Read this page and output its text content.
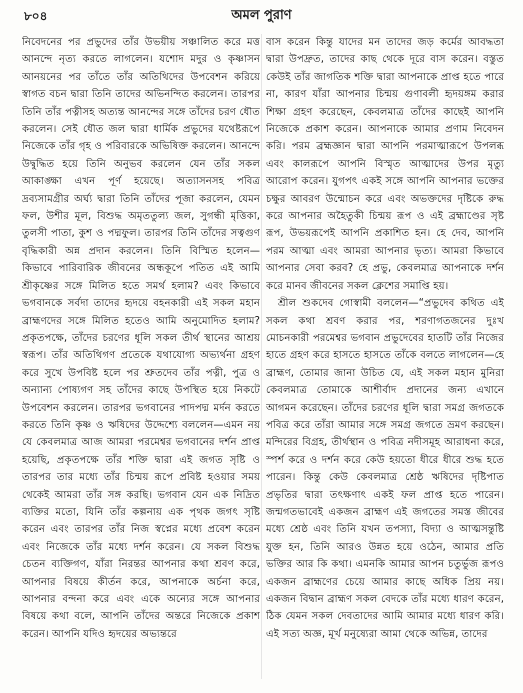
৮০৪	অমল পুরাণ

নিবেদনের পর প্রভুদের তাঁর উভয়ীয় সঞ্চালিত করে মত্ত আনন্দে নৃত্য করতে লাগলেন। যশোদ মদুর ও কৃষ্ণাসন আনয়নের পর তাঁতে তাঁর অতিথিদের উপবেশন করিয়ে স্বাগত বচন দ্বারা তিনি তাদের অভিনন্দিত করলেন। তারপর তিনি তাঁর পত্নীসহ অত্যন্ত আনন্দের সঙ্গে তাঁদের চরণ ধৌত করলেন। সেই ধৌত জল দ্বারা ধার্মিক প্রভুদের যথেষ্টরূপে নিজেকে তাঁর গৃহ ও পরিবারকে অভিষিক্ত করলেন। আনন্দে উদ্বুদ্ধিত হয়ে তিনি অনুভব করলেন যেন তাঁর সকল আকাঙ্ক্ষা এখন পূর্ণ হয়েছে। অত্যাসনসহ পবিত্র দ্রব্যসামগ্রীর অর্ঘ্য দ্বারা তিনি তাঁদের পূজা করলেন, যেমন ফল, উশীর মূল, বিশুদ্ধ অমৃততুল্য জল, সুগন্ধী মৃত্তিকা, তুলসী পাতা, কুশ ও পদ্মফুল। তারপর তিনি তাঁদের সত্বগুণ বৃদ্ধিকারী অন্ন প্রদান করলেন। তিনি বিস্মিত হলেন—কিভাবে পারিবারিক জীবনের অন্ধকূপে পতিত এই আমি শ্রীকৃষ্ণের সঙ্গে মিলিত হতে সমর্থ হলাম? এবং কিভাবে ভগবানকে সর্বদা তাদের হৃদয়ে বহনকারী এই সকল মহান ব্রাহ্মণদের সঙ্গে মিলিত হতেও আমি অনুমোদিত হলাম? প্রকৃতপক্ষে, তাঁদের চরণের ধূলি সকল তীর্থ স্থানের আশ্রয় স্বরূপ। তাঁর অতিথিগণ প্রতেকে যথাযোগ্য অভ্যর্থনা গ্রহণ করে সুখে উপবিষ্ট হলে পর শ্রুতদেব তাঁর পত্নী, পুত্র ও অন্যান্য পোষ্যগণ সহ তাঁদের কাছে উপস্থিত হয়ে নিকটে উপবেশন করলেন। তারপর ভগবানের পাদপদ্ম মর্দন করতে করতে তিনি কৃষ্ণ ও ঋষিদের উদ্দেশ্যে বললেন—এমন নয় যে কেবলমাত্র আজ আমরা পরমেশ্বর ভগবানের দর্শন প্রাপ্ত হয়েছি, প্রকৃতপক্ষে তাঁর শক্তি দ্বারা এই জগত সৃষ্টি ও তারপর তার মধ্যে তাঁর চিন্ময় রূপে প্রবিষ্ট হওয়ার সময় থেকেই আমরা তাঁর সঙ্গ করছি। ভগবান যেন এক নিদ্রিত ব্যক্তির মতো, যিনি তাঁর কল্পনায় এক পৃথক জগৎ সৃষ্টি করেন এবং তারপর তাঁর নিজ স্বপ্নের মধ্যে প্রবেশ করেন এবং নিজেকে তাঁর মধ্যে দর্শন করেন। যে সকল বিশুদ্ধ চেতন ব্যক্তিগণ, যাঁরা নিরন্তর আপনার কথা শ্রবণ করে, আপনার বিষয়ে কীর্তন করে, আপনাকে অর্চনা করে, আপনার বন্দনা করে এবং একে অন্যের সঙ্গে আপনার বিষয়ে কথা বলে, আপনি তাঁদের অন্তরে নিজেকে প্রকাশ করেন। আপনি যদিও হৃদয়ের অভ্যন্তরে

বাস করেন কিন্তু যাদের মন তাদের জড় কর্মের আবদ্ধতা দ্বারা উপদ্রুত, তাদের কাছ থেকে দূরে বাস করেন। বস্তুত কেউই তাঁর জাগতিক শক্তি দ্বারা আপনাকে প্রাপ্ত হতে পারে না, কারণ যাঁরা আপনার চিন্ময় গুণাবলী হৃদয়ঙ্গম করার শিক্ষা গ্রহণ করেছেন, কেবলমাত্র তাঁদের কাছেই আপনি নিজেকে প্রকাশ করেন। আপনাকে আমার প্রণাম নিবেদন করি। পরম ব্রহ্মজ্ঞান দ্বারা আপনি পরমাত্মারূপে উপলব্ধ এবং কালরূপে আপনি বিস্মৃত আত্মাদের উপর মৃত্যু আরোপ করেন। যুগপৎ একই সঙ্গে আপনি আপনার ভক্তের চক্ষুর আবরণ উন্মোচন করে এবং অভক্তদের দৃষ্টিকে রুদ্ধ করে আপনার অহৈতুকী চিন্ময় রূপ ও এই ব্রহ্মাণ্ডের সৃষ্ট রূপ, উভয়রূপেই আপনি প্রকাশিত হন। হে দেব, আপনি পরম আত্মা এবং আমরা আপনার ভৃত্য। আমরা কিভাবে আপনার সেবা করব? হে প্রভু, কেবলমাত্র আপনাকে দর্শন করে মানব জীবনের সকল ক্লেশের সমাপ্তি হয়।

শ্রীল শুকদেব গোস্বামী বললেন—“প্রভুদেব কথিত এই সকল কথা শ্রবণ করার পর, শরণাগতজনের দুঃখ মোচনকারী পরমেশ্বর ভগবান প্রভুদেবের হাতটি তাঁর নিজের হাতে গ্রহণ করে হাসতে হাসতে তাঁকে বলতে লাগলেন—হে ব্রাহ্মণ, তোমার জানা উচিত যে, এই সকল মহান মুনিরা কেবলমাত্র তোমাকে আশীর্বাদ প্রদানের জন্য এখানে আগমন করেছেন। তাঁদের চরণের ধূলি দ্বারা সমগ্র জগতকে পবিত্র করে তাঁরা আমার সঙ্গে সমগ্র জগতে ভ্রমণ করছেন। মন্দিরের বিগ্রহ, তীর্থস্থান ও পবিত্র নদীসমূহ আরাধনা করে, স্পর্শ করে ও দর্শন করে কেউ হয়তো ধীরে ধীরে শুদ্ধ হতে পারেন। কিন্তু কেউ কেবলমাত্র শ্রেষ্ঠ ঋষিদের দৃষ্টিপাত প্রভৃতির দ্বারা তৎক্ষণাৎ একই ফল প্রাপ্ত হতে পারেন। জন্মগতভাবেই একজন ব্রাহ্মণ এই জগতের সমস্ত জীবের মধ্যে শ্রেষ্ঠ এবং তিনি যখন তপস্যা, বিদ্যা ও আত্মসন্তুষ্টি যুক্ত হন, তিনি আরও উন্নত হয়ে ওঠেন, আমার প্রতি ভক্তির আর কি কথা। এমনকি আমার আপন চতুর্ভুজ রূপও একজন ব্রাহ্মণের চেয়ে আমার কাছে অধিক প্রিয় নয়। একজন বিদ্বান ব্রাহ্মণ সকল বেদকে তাঁর মধ্যে ধারণ করেন, ঠিক যেমন সকল দেবতাদের আমি আমার মধ্যে ধারণ করি। এই সত্য অজ্ঞ, মূর্খ মনুষ্যেরা আমা থেকে অভিন্ন, তাদের
